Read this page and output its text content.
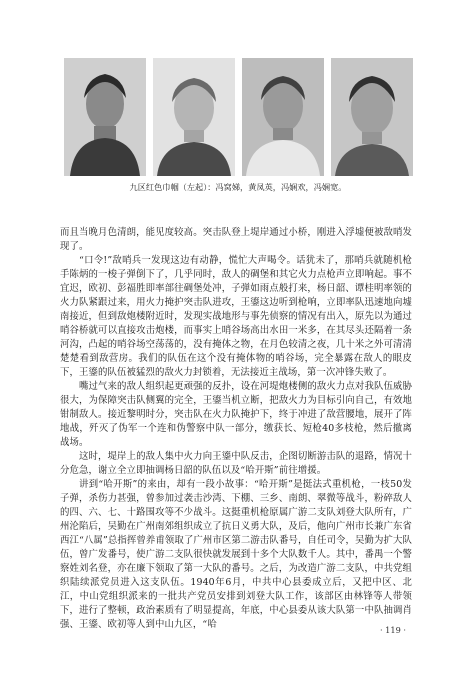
九区红色巾帼（左起）：冯窝娣，黄凤英，冯娴欢，冯娴宽。

而且当晚月色清朗，能见度较高。突击队登上堤岸通过小桥，刚进入浮墟便被敌哨发现了。

“口令!”敌哨兵一发现这边有动静，慌忙大声喝令。话犹未了，那哨兵就随机枪手陈炳的一梭子弹倒下了，几乎同时，敌人的碉堡和其它火力点枪声立即响起。事不宜迟，欧初、彭福胜即率部往碉堡处冲，子弹如雨点般打来，杨日韶、谭桂明率领的火力队紧跟过来，用火力掩护突击队进攻，王鎏这边听到枪响，立即率队迅速地向墟南接近，但到敌炮楼附近时，发现实战地形与事先侦察的情况有出入，原先以为通过哨谷桥就可以直接攻击炮楼，而事实上哨谷场高出水田一米多，在其尽头还隔着一条河沟，凸起的哨谷场空荡荡的，没有掩体之物，在月色较清之夜，几十米之外可清清楚楚看到敌营房。我们的队伍在这个没有掩体物的哨谷场，完全暴露在敌人的眼皮下，王鎏的队伍被猛烈的敌火力封锁着，无法接近主战场，第一次冲锋失败了。

嘴过气来的敌人组织起更顽强的反扑，设在河堤炮楼侧的敌火力点对我队伍威胁很大，为保障突击队侧翼的完全，王鎏当机立断，把敌火力为目标引向自己，有效地钳制敌人。接近黎明时分，突击队在火力队掩护下，终于冲进了敌营腰地，展开了阵地战，歼灭了伪军一个连和伪警察中队一部分，缴获长、短枪40多枝枪，然后撤离战场。

这时，堤岸上的敌人集中火力向王鎏中队反击，企图切断游击队的退路，情况十分危急，谢立全立即抽调杨日韶的队伍以及“哈开斯”前往增援。

讲到“哈开斯”的来由，却有一段小故事：“哈开斯”是挺法式重机枪，一枝50发子弹，杀伤力甚强，曾参加过袭击沙湾、下棚、三乡、南朗、翠微等战斗，粉碎敌人的四、六、七、十路围攻等不少战斗。这挺重机枪原属广游二支队刘登大队所有，广州沦陷后，吴勤在广州南郊组织成立了抗日义勇大队，及后，他向广州市长兼广东省西江“八属”总指挥曾养甫领取了广州市区第二游击队番号，自任司令，吴勤为扩大队伍，曾广发番号，使广游二支队很快就发展到十多个大队数千人。其中，番禺一个警察姓刘名登，亦在廉下领取了第一大队的番号。之后，为改造广游二支队，中共党组织陆续派党员进入这支队伍。1940年6月，中共中心县委成立后，又把中区、北江，中山党组织派来的一批共产党员安排到刘登大队工作，该部区由林锋等人带领下，进行了整顿，政治素质有了明显提高，年底，中心县委从该大队第一中队抽调肖强、王鎏、欧初等人到中山九区，“哈	· 119 ·
